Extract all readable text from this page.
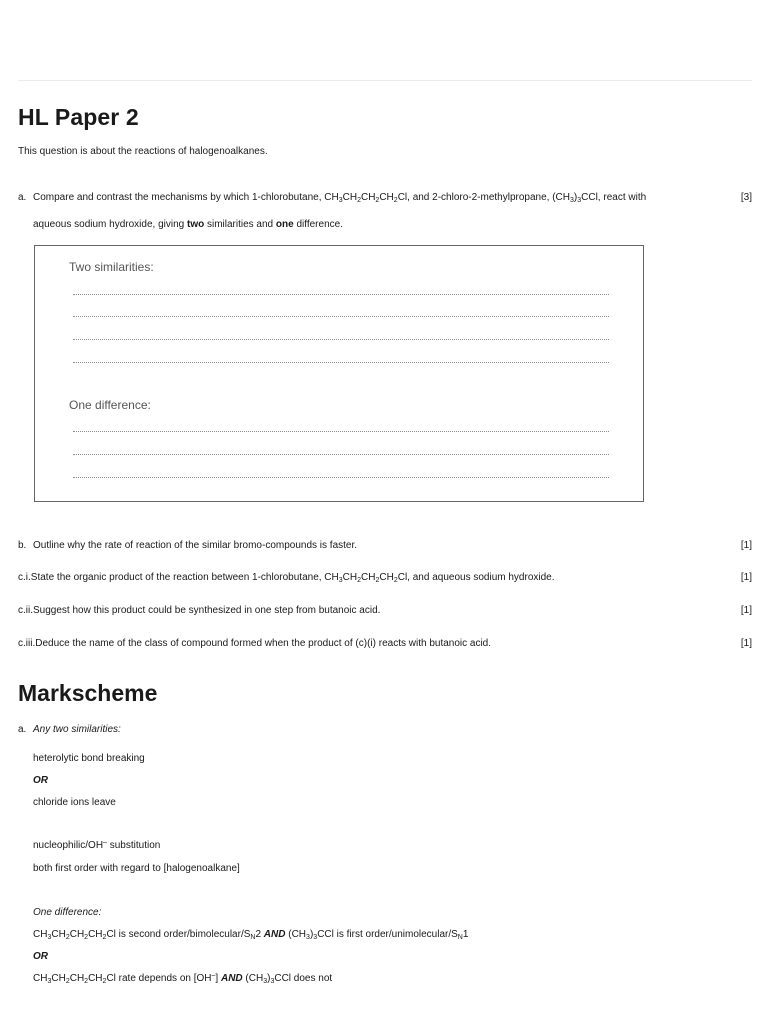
HL Paper 2
This question is about the reactions of halogenoalkanes.
a. Compare and contrast the mechanisms by which 1-chlorobutane, $CH_3CH_2CH_2CH_2Cl$, and 2-chloro-2-methylpropane, $(CH_3)_3CCl$, react with	[3]
aqueous sodium hydroxide, giving two similarities and one difference.
Two similarities:
One difference:
b. Outline why the rate of reaction of the similar bromo-compounds is faster.	[1]
c.i.State the organic product of the reaction between 1-chlorobutane, $CH_3CH_2CH_2CH_2Cl$, and aqueous sodium hydroxide.	[1]
c.ii.Suggest how this product could be synthesized in one step from butanoic acid.	[1]
c.iii.Deduce the name of the class of compound formed when the product of (c)(i) reacts with butanoic acid.	[1]
Markscheme
a. Any two similarities:
heterolytic bond breaking
OR
chloride ions leave
nucleophilic/OH– substitution
both first order with regard to [halogenoalkane]
One difference:
$CH_3CH_2CH_2CH_2Cl$ is second order/$bimolecular/S_N2$ AND $(CH_3)_3CCl$ is first order/$unimolecular/S_N1$
OR
$CH_3CH_2CH_2CH_2Cl$ rate depends on [OH–] AND $(CH_3)_3CCl$ does not
